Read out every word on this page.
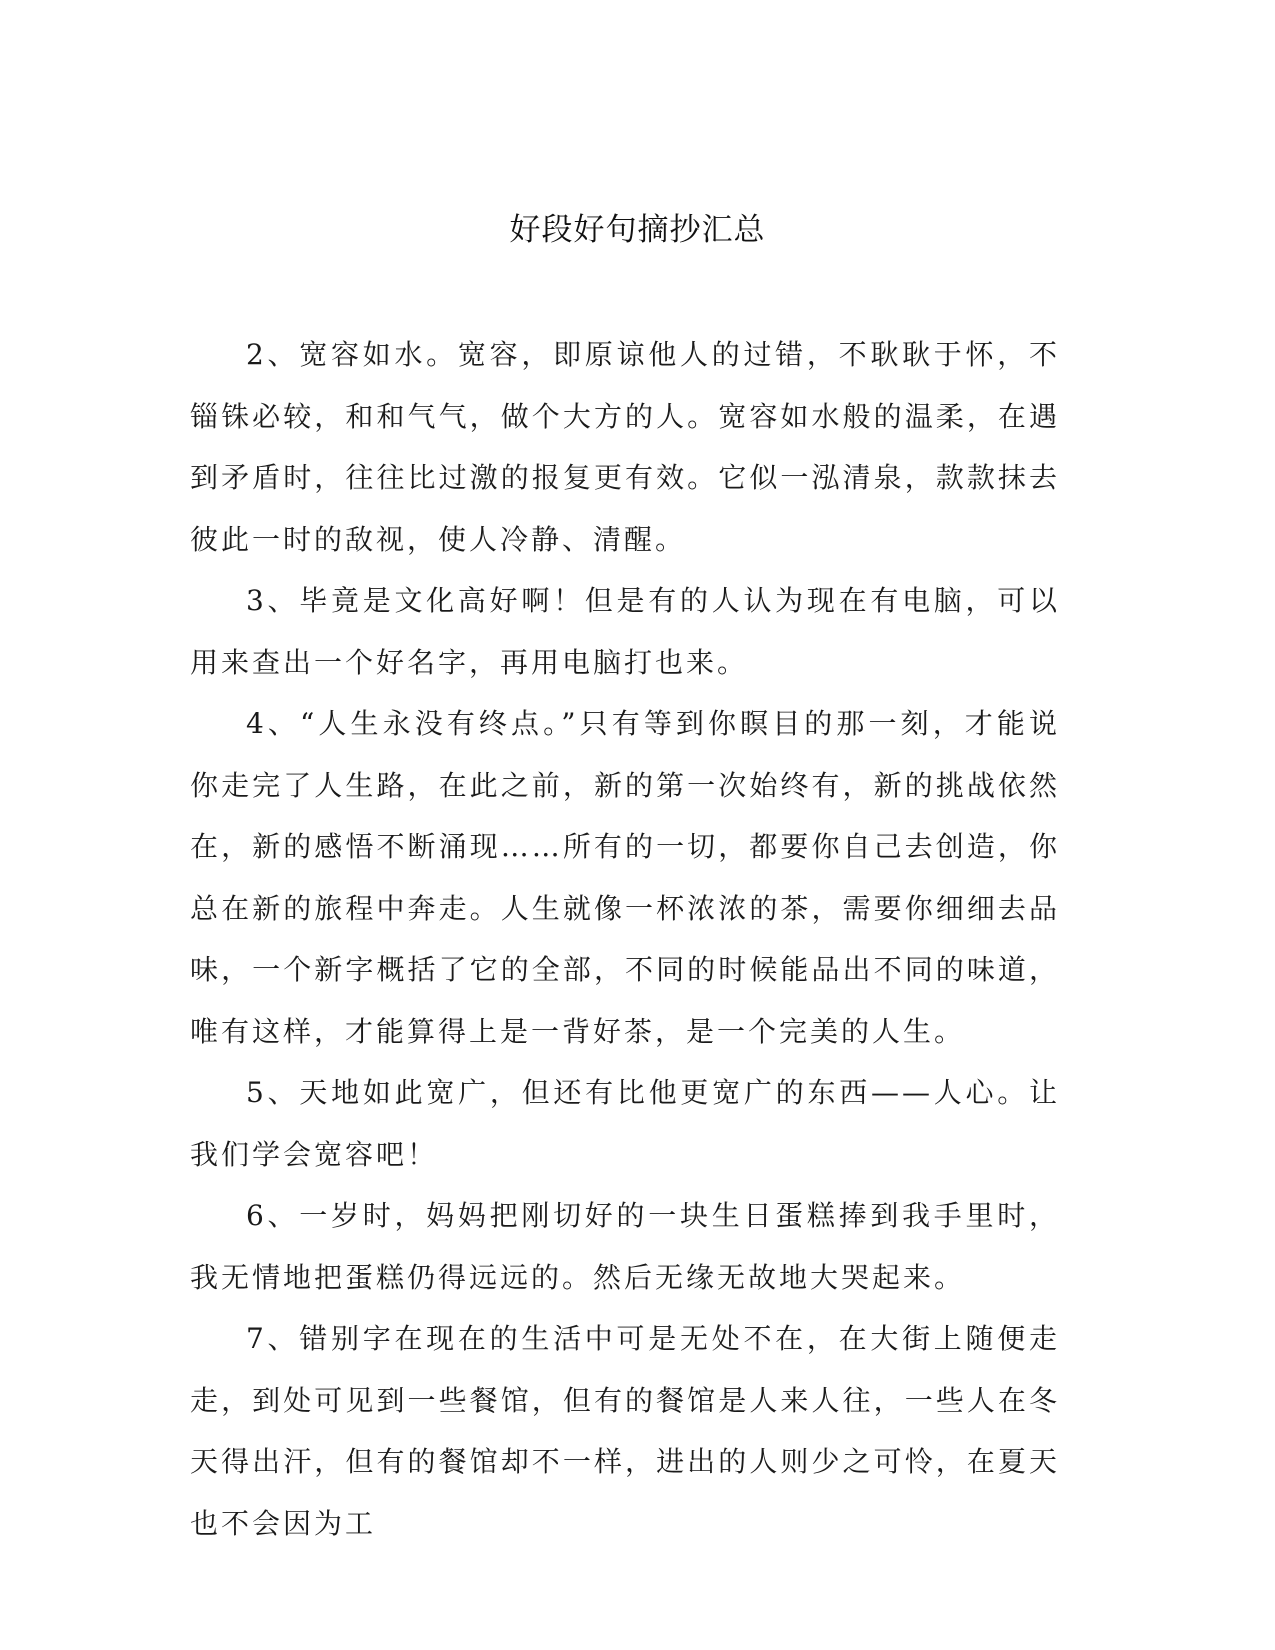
好段好句摘抄汇总

2、宽容如水。宽容，即原谅他人的过错，不耿耿于怀，不锱铢必较，和和气气，做个大方的人。宽容如水般的温柔，在遇到矛盾时，往往比过激的报复更有效。它似一泓清泉，款款抹去彼此一时的敌视，使人冷静、清醒。

3、毕竟是文化高好啊！但是有的人认为现在有电脑，可以用来查出一个好名字，再用电脑打也来。

4、“人生永没有终点。”只有等到你瞑目的那一刻，才能说你走完了人生路，在此之前，新的第一次始终有，新的挑战依然在，新的感悟不断涌现……所有的一切，都要你自己去创造，你总在新的旅程中奔走。人生就像一杯浓浓的茶，需要你细细去品味，一个新字概括了它的全部，不同的时候能品出不同的味道，唯有这样，才能算得上是一背好茶，是一个完美的人生。

5、天地如此宽广，但还有比他更宽广的东西——人心。让我们学会宽容吧！

6、一岁时，妈妈把刚切好的一块生日蛋糕捧到我手里时，我无情地把蛋糕仍得远远的。然后无缘无故地大哭起来。

7、错别字在现在的生活中可是无处不在，在大街上随便走走，到处可见到一些餐馆，但有的餐馆是人来人往，一些人在冬天得出汗，但有的餐馆却不一样，进出的人则少之可怜，在夏天也不会因为工
